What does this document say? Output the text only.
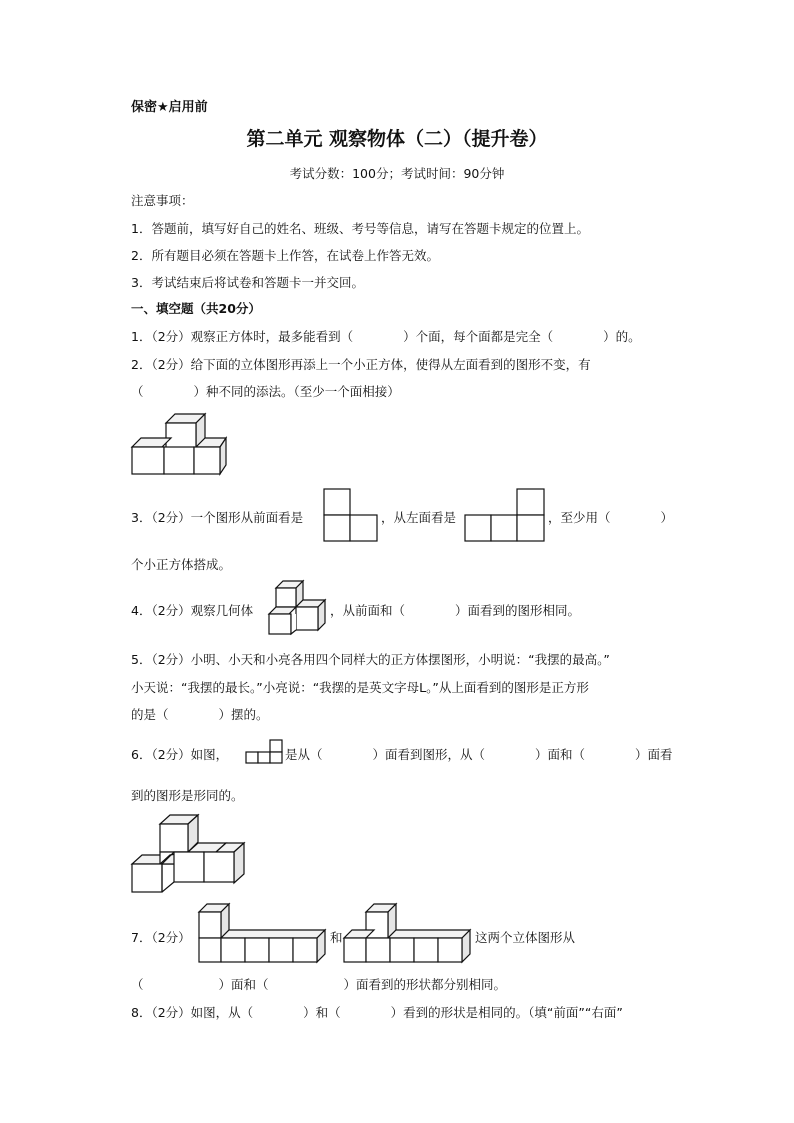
保密★启用前
第二单元 观察物体（二）（提升卷）
考试分数：100分；考试时间：90分钟
注意事项：
1．答题前，填写好自己的姓名、班级、考号等信息，请写在答题卡规定的位置上。
2．所有题目必须在答题卡上作答，在试卷上作答无效。
3．考试结束后将试卷和答题卡一并交回。
一、填空题（共20分）
1．（2分）观察正方体时，最多能看到（　　　　）个面，每个面都是完全（　　　　）的。
2．（2分）给下面的立体图形再添上一个小正方体，使得从左面看到的图形不变，有
（　　　　）种不同的添法。（至少一个面相接）
3．（2分）一个图形从前面看是	，从左面看是	，至少用（　　　　）
个小正方体搭成。
4．（2分）观察几何体	，从前面和（　　　　）面看到的图形相同。
5．（2分）小明、小天和小亮各用四个同样大的正方体摆图形，小明说：“我摆的最高。”
小天说：“我摆的最长。”小亮说：“我摆的是英文字母L。”从上面看到的图形是正方形
的是（　　　　）摆的。
6．（2分）如图，	是从（　　　　）面看到图形，从（　　　　）面和（　　　　）面看
到的图形是形同的。
7．（2分）	和	这两个立体图形从
（　　　　　　）面和（　　　　　　）面看到的形状都分别相同。
8．（2分）如图，从（　　　　）和（　　　　）看到的形状是相同的。（填“前面”“右面”
